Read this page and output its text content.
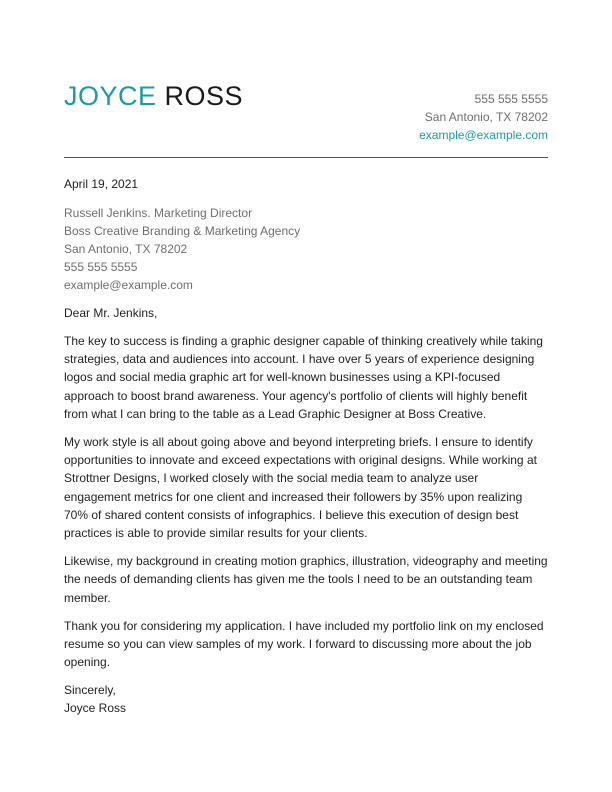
JOYCE ROSS	555 555 5555
San Antonio, TX 78202
example@example.com
April 19, 2021
Russell Jenkins. Marketing Director
Boss Creative Branding & Marketing Agency
San Antonio, TX 78202
555 555 5555
example@example.com
Dear Mr. Jenkins,

The key to success is finding a graphic designer capable of thinking creatively while taking strategies, data and audiences into account. I have over 5 years of experience designing logos and social media graphic art for well-known businesses using a KPI-focused approach to boost brand awareness. Your agency's portfolio of clients will highly benefit from what I can bring to the table as a Lead Graphic Designer at Boss Creative.

My work style is all about going above and beyond interpreting briefs. I ensure to identify opportunities to innovate and exceed expectations with original designs. While working at Strottner Designs, I worked closely with the social media team to analyze user engagement metrics for one client and increased their followers by 35% upon realizing 70% of shared content consists of infographics. I believe this execution of design best practices is able to provide similar results for your clients.

Likewise, my background in creating motion graphics, illustration, videography and meeting the needs of demanding clients has given me the tools I need to be an outstanding team member.

Thank you for considering my application. I have included my portfolio link on my enclosed resume so you can view samples of my work. I forward to discussing more about the job opening.

Sincerely,
Joyce Ross
